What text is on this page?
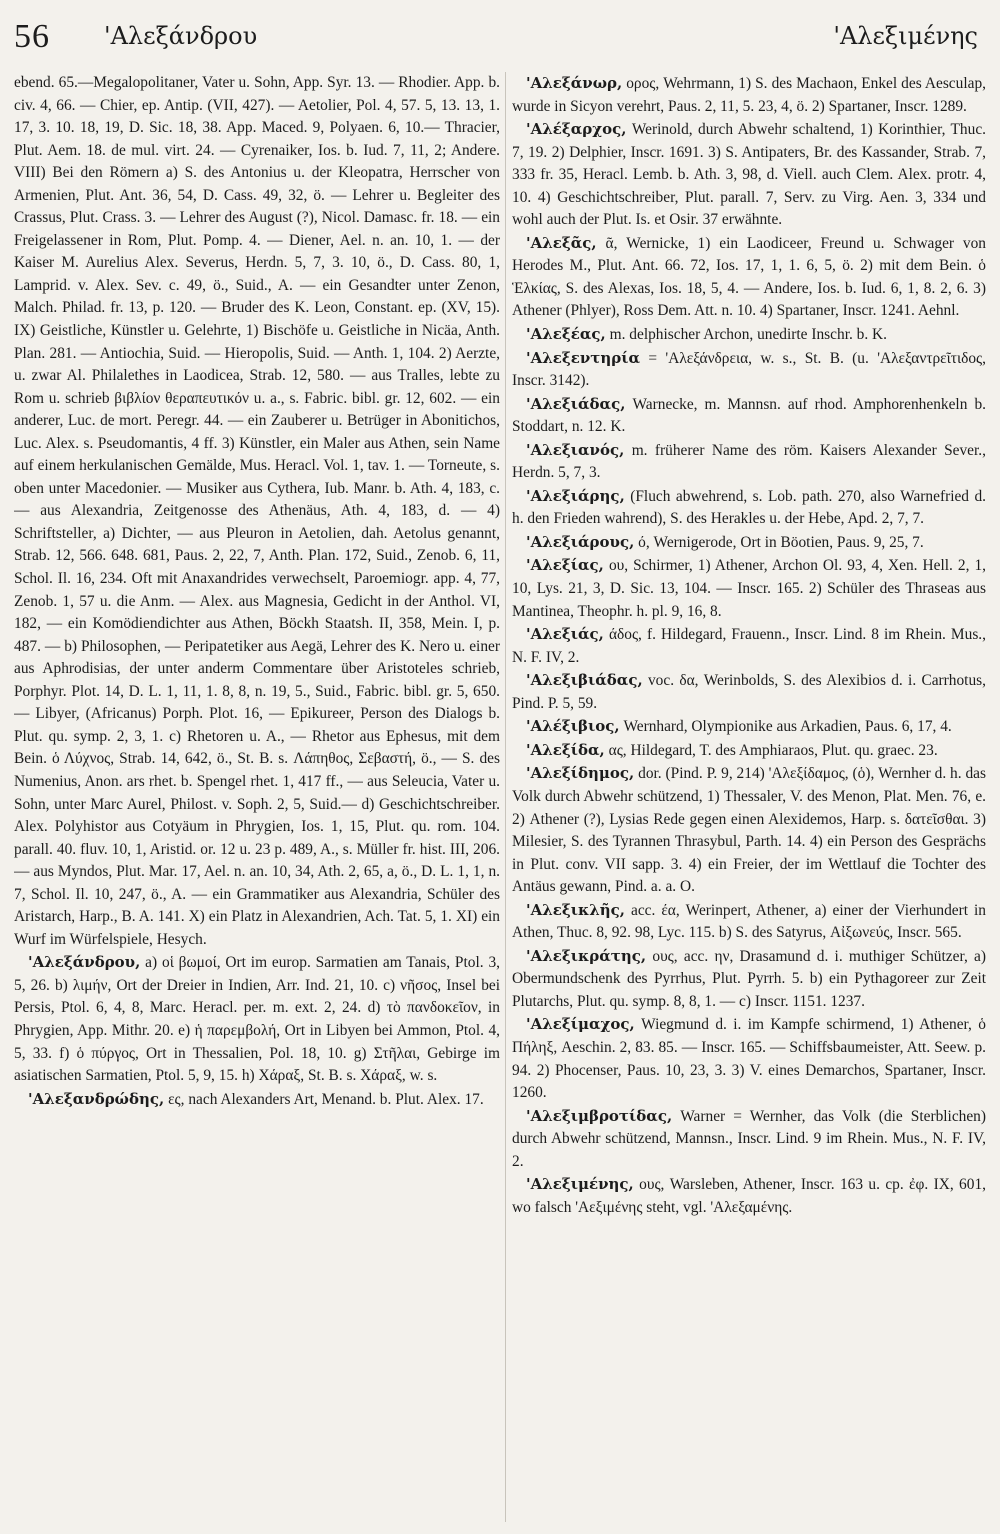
56 'Αλεξάνδρου	'Αλεξιμένης

ebend. 65.—Megalopolitaner, Vater u. Sohn, App. Syr. 13. — Rhodier. App. b. civ. 4, 66. — Chier, ep. Antip. (VII, 427). — Aetolier, Pol. 4, 57. 5, 13. 13, 1. 17, 3. 10. 18, 19, D. Sic. 18, 38. App. Maced. 9, Polyaen. 6, 10.— Thracier, Plut. Aem. 18. de mul. virt. 24. — Cyrenaiker, Ios. b. Iud. 7, 11, 2; Andere. VIII) Bei den Römern a) S. des Antonius u. der Kleopatra, Herrscher von Armenien, Plut. Ant. 36, 54, D. Cass. 49, 32, ö. — Lehrer u. Begleiter des Crassus, Plut. Crass. 3. — Lehrer des August (?), Nicol. Damasc. fr. 18. — ein Freigelassener in Rom, Plut. Pomp. 4. — Diener, Ael. n. an. 10, 1. — der Kaiser M. Aurelius Alex. Severus, Herdn. 5, 7, 3. 10, ö., D. Cass. 80, 1, Lamprid. v. Alex. Sev. c. 49, ö., Suid., A. — ein Gesandter unter Zenon, Malch. Philad. fr. 13, p. 120. — Bruder des K. Leon, Constant. ep. (XV, 15). IX) Geistliche, Künstler u. Gelehrte, 1) Bischöfe u. Geistliche in Nicäa, Anth. Plan. 281. — Antiochia, Suid. — Hieropolis, Suid. — Anth. 1, 104. 2) Aerzte, u. zwar Al. Philalethes in Laodicea, Strab. 12, 580. — aus Tralles, lebte zu Rom u. schrieb βιβλίον θεραπευτικόν u. a., s. Fabric. bibl. gr. 12, 602. — ein anderer, Luc. de mort. Peregr. 44. — ein Zauberer u. Betrüger in Abonitichos, Luc. Alex. s. Pseudomantis, 4 ff. 3) Künstler, ein Maler aus Athen, sein Name auf einem herkulanischen Gemälde, Mus. Heracl. Vol. 1, tav. 1. — Torneute, s. oben unter Macedonier. — Musiker aus Cythera, Iub. Manr. b. Ath. 4, 183, c. — aus Alexandria, Zeitgenosse des Athenäus, Ath. 4, 183, d. — 4) Schriftsteller, a) Dichter, — aus Pleuron in Aetolien, dah. Aetolus genannt, Strab. 12, 566. 648. 681, Paus. 2, 22, 7, Anth. Plan. 172, Suid., Zenob. 6, 11, Schol. Il. 16, 234. Oft mit Anaxandrides verwechselt, Paroemiogr. app. 4, 77, Zenob. 1, 57 u. die Anm. — Alex. aus Magnesia, Gedicht in der Anthol. VI, 182, — ein Komödiendichter aus Athen, Böckh Staatsh. II, 358, Mein. I, p. 487. — b) Philosophen, — Peripatetiker aus Aegä, Lehrer des K. Nero u. einer aus Aphrodisias, der unter anderm Commentare über Aristoteles schrieb, Porphyr. Plot. 14, D. L. 1, 11, 1. 8, 8, n. 19, 5., Suid., Fabric. bibl. gr. 5, 650. — Libyer, (Africanus) Porph. Plot. 16, — Epikureer, Person des Dialogs b. Plut. qu. symp. 2, 3, 1. c) Rhetoren u. A., — Rhetor aus Ephesus, mit dem Bein. ὁ Λύχνος, Strab. 14, 642, ö., St. B. s. Λάπηθος, Σεβαστή, ö., — S. des Numenius, Anon. ars rhet. b. Spengel rhet. 1, 417 ff., — aus Seleucia, Vater u. Sohn, unter Marc Aurel, Philost. v. Soph. 2, 5, Suid.— d) Geschichtschreiber. Alex. Polyhistor aus Cotyäum in Phrygien, Ios. 1, 15, Plut. qu. rom. 104. parall. 40. fluv. 10, 1, Aristid. or. 12 u. 23 p. 489, A., s. Müller fr. hist. III, 206. — aus Myndos, Plut. Mar. 17, Ael. n. an. 10, 34, Ath. 2, 65, a, ö., D. L. 1, 1, n. 7, Schol. Il. 10, 247, ö., A. — ein Grammatiker aus Alexandria, Schüler des Aristarch, Harp., B. A. 141. X) ein Platz in Alexandrien, Ach. Tat. 5, 1. XI) ein Wurf im Würfelspiele, Hesych.

'Αλεξάνδρου, a) οἱ βωμοί, Ort im europ. Sarmatien am Tanais, Ptol. 3, 5, 26. b) λιμήν, Ort der Dreier in Indien, Arr. Ind. 21, 10. c) νῆσος, Insel bei Persis, Ptol. 6, 4, 8, Marc. Heracl. per. m. ext. 2, 24. d) τὸ πανδοκεῖον, in Phrygien, App. Mithr. 20. e) ἡ παρεμβολή, Ort in Libyen bei Ammon, Ptol. 4, 5, 33. f) ὁ πύργος, Ort in Thessalien, Pol. 18, 10. g) Στῆλαι, Gebirge im asiatischen Sarmatien, Ptol. 5, 9, 15. h) Χάραξ, St. B. s. Χάραξ, w. s.

'Αλεξανδρώδης, ες, nach Alexanders Art, Menand. b. Plut. Alex. 17.

'Αλεξάνωρ, ορος, Wehrmann, 1) S. des Machaon, Enkel des Aesculap, wurde in Sicyon verehrt, Paus. 2, 11, 5. 23, 4, ö. 2) Spartaner, Inscr. 1289.

'Αλέξαρχος, Werinold, durch Abwehr schaltend, 1) Korinthier, Thuc. 7, 19. 2) Delphier, Inscr. 1691. 3) S. Antipaters, Br. des Kassander, Strab. 7, 333 fr. 35, Heracl. Lemb. b. Ath. 3, 98, d. Viell. auch Clem. Alex. protr. 4, 10. 4) Geschichtschreiber, Plut. parall. 7, Serv. zu Virg. Aen. 3, 334 und wohl auch der Plut. Is. et Osir. 37 erwähnte.

'Αλεξᾶς, ᾶ, Wernicke, 1) ein Laodiceer, Freund u. Schwager von Herodes M., Plut. Ant. 66. 72, Ios. 17, 1, 1. 6, 5, ö. 2) mit dem Bein. ὁ Ἑλκίας, S. des Alexas, Ios. 18, 5, 4. — Andere, Ios. b. Iud. 6, 1, 8. 2, 6. 3) Athener (Phlyer), Ross Dem. Att. n. 10. 4) Spartaner, Inscr. 1241. Aehnl.

'Αλεξέας, m. delphischer Archon, unedirte Inschr. b. K.

'Αλεξεντηρία = 'Αλεξάνδρεια, w. s., St. B. (u. 'Αλεξαντρεῖτιδος, Inscr. 3142).

'Αλεξιάδας, Warnecke, m. Mannsn. auf rhod. Amphorenhenkeln b. Stoddart, n. 12. K.

'Αλεξιανός, m. früherer Name des röm. Kaisers Alexander Sever., Herdn. 5, 7, 3.

'Αλεξιάρης, (Fluch abwehrend, s. Lob. path. 270, also Warnefried d. h. den Frieden wahrend), S. des Herakles u. der Hebe, Apd. 2, 7, 7.

'Αλεξιάρους, ό, Wernigerode, Ort in Böotien, Paus. 9, 25, 7.

'Αλεξίας, ου, Schirmer, 1) Athener, Archon Ol. 93, 4, Xen. Hell. 2, 1, 10, Lys. 21, 3, D. Sic. 13, 104. — Inscr. 165. 2) Schüler des Thraseas aus Mantinea, Theophr. h. pl. 9, 16, 8.

'Αλεξιάς, άδος, f. Hildegard, Frauenn., Inscr. Lind. 8 im Rhein. Mus., N. F. IV, 2.

'Αλεξιβιάδας, voc. δα, Werinbolds, S. des Alexibios d. i. Carrhotus, Pind. P. 5, 59.

'Αλέξιβιος, Wernhard, Olympionike aus Arkadien, Paus. 6, 17, 4.

'Αλεξίδα, ας, Hildegard, T. des Amphiaraos, Plut. qu. graec. 23.

'Αλεξίδημος, dor. (Pind. P. 9, 214) 'Αλεξίδαμος, (ὁ), Wernher d. h. das Volk durch Abwehr schützend, 1) Thessaler, V. des Menon, Plat. Men. 76, e. 2) Athener (?), Lysias Rede gegen einen Alexidemos, Harp. s. δατεῖσθαι. 3) Milesier, S. des Tyrannen Thrasybul, Parth. 14. 4) ein Person des Gesprächs in Plut. conv. VII sapp. 3. 4) ein Freier, der im Wettlauf die Tochter des Antäus gewann, Pind. a. a. O.

'Αλεξικλῆς, acc. έα, Werinpert, Athener, a) einer der Vierhundert in Athen, Thuc. 8, 92. 98, Lyc. 115. b) S. des Satyrus, Αἰξωνεύς, Inscr. 565.

'Αλεξικράτης, ους, acc. ην, Drasamund d. i. muthiger Schützer, a) Obermundschenk des Pyrrhus, Plut. Pyrrh. 5. b) ein Pythagoreer zur Zeit Plutarchs, Plut. qu. symp. 8, 8, 1. — c) Inscr. 1151. 1237.

'Αλεξίμαχος, Wiegmund d. i. im Kampfe schirmend, 1) Athener, ὁ Πήληξ, Aeschin. 2, 83. 85. — Inscr. 165. — Schiffsbaumeister, Att. Seew. p. 94. 2) Phocenser, Paus. 10, 23, 3. 3) V. eines Demarchos, Spartaner, Inscr. 1260.

'Αλεξιμβροτίδας, Warner = Wernher, das Volk (die Sterblichen) durch Abwehr schützend, Mannsn., Inscr. Lind. 9 im Rhein. Mus., N. F. IV, 2.

'Αλεξιμένης, ους, Warsleben, Athener, Inscr. 163 u. cp. ἐφ. IX, 601, wo falsch 'Αεξιμένης steht, vgl. 'Αλεξαμένης.
